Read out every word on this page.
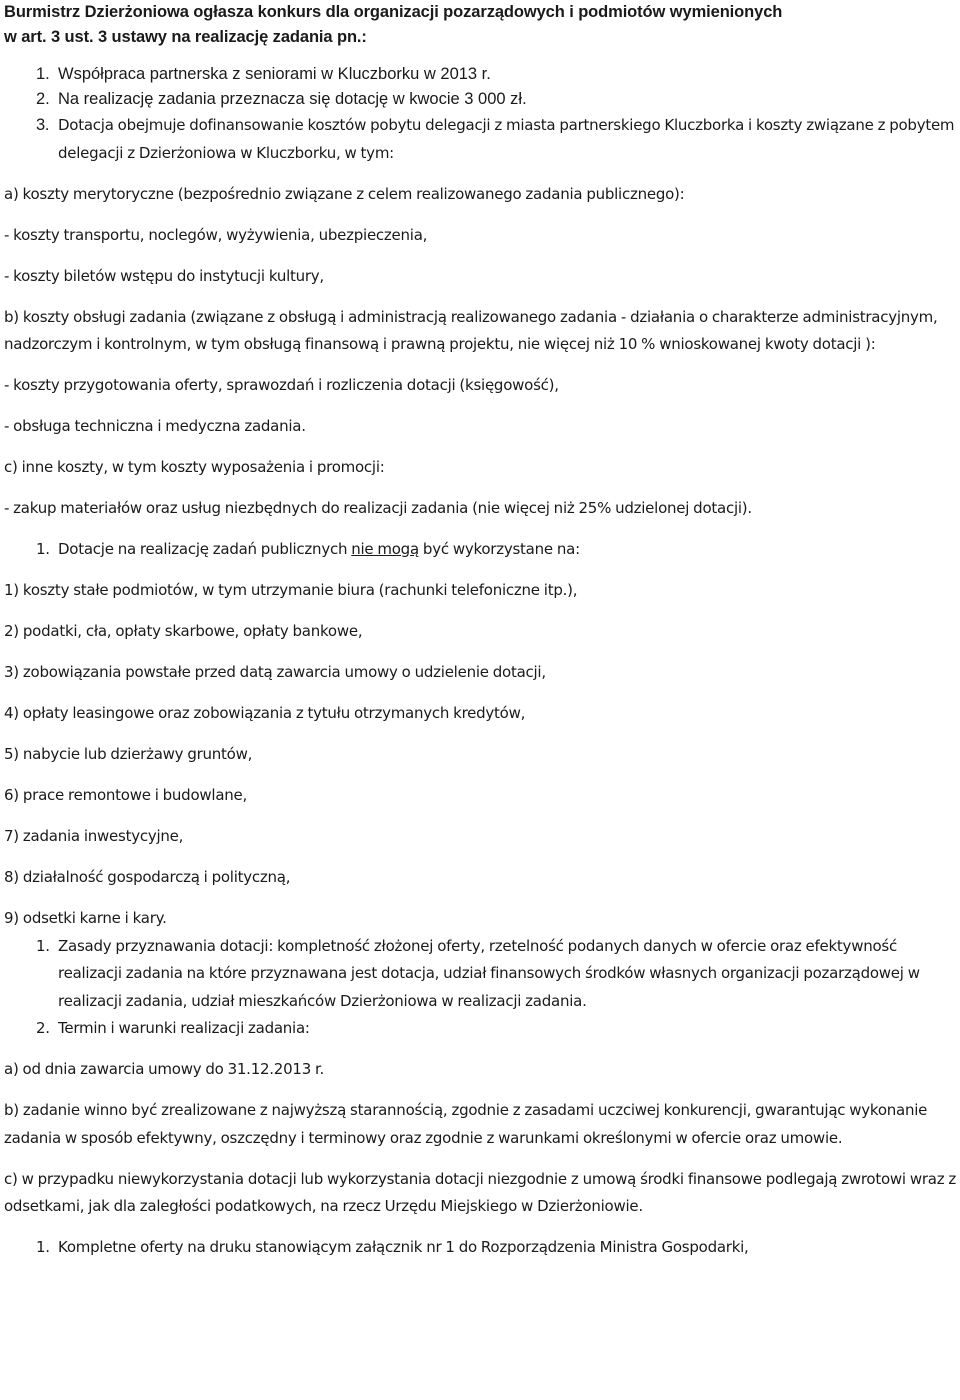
Burmistrz Dzierżoniowa ogłasza konkurs dla organizacji pozarządowych i podmiotów wymienionych
w art. 3 ust. 3 ustawy na realizację zadania pn.:

1. Współpraca partnerska z seniorami w Kluczborku w 2013 r.
2. Na realizację zadania przeznacza się dotację w kwocie 3 000 zł.
3. Dotacja obejmuje dofinansowanie kosztów pobytu delegacji z miasta partnerskiego Kluczborka i koszty związane z pobytem delegacji z Dzierżoniowa w Kluczborku, w tym:

a) koszty merytoryczne (bezpośrednio związane z celem realizowanego zadania publicznego):

- koszty transportu, noclegów, wyżywienia, ubezpieczenia,

- koszty biletów wstępu do instytucji kultury,

b) koszty obsługi zadania (związane z obsługą i administracją realizowanego zadania - działania o charakterze administracyjnym, nadzorczym i kontrolnym, w tym obsługą finansową i prawną projektu, nie więcej niż 10 % wnioskowanej kwoty dotacji ):

- koszty przygotowania oferty, sprawozdań i rozliczenia dotacji (księgowość),

- obsługa techniczna i medyczna zadania.

c) inne koszty, w tym koszty wyposażenia i promocji:

- zakup materiałów oraz usług niezbędnych do realizacji zadania (nie więcej niż 25% udzielonej dotacji).

1. Dotacje na realizację zadań publicznych nie mogą być wykorzystane na:

1) koszty stałe podmiotów, w tym utrzymanie biura (rachunki telefoniczne itp.),

2) podatki, cła, opłaty skarbowe, opłaty bankowe,

3) zobowiązania powstałe przed datą zawarcia umowy o udzielenie dotacji,

4) opłaty leasingowe oraz zobowiązania z tytułu otrzymanych kredytów,

5) nabycie lub dzierżawy gruntów,

6) prace remontowe i budowlane,

7) zadania inwestycyjne,

8) działalność gospodarczą i polityczną,

9) odsetki karne i kary.

1. Zasady przyznawania dotacji: kompletność złożonej oferty, rzetelność podanych danych w ofercie oraz efektywność realizacji zadania na które przyznawana jest dotacja, udział finansowych środków własnych organizacji pozarządowej w realizacji zadania, udział mieszkańców Dzierżoniowa w realizacji zadania.
2. Termin i warunki realizacji zadania:

a) od dnia zawarcia umowy do 31.12.2013 r.

b) zadanie winno być zrealizowane z najwyższą starannością, zgodnie z zasadami uczciwej konkurencji, gwarantując wykonanie zadania w sposób efektywny, oszczędny i terminowy oraz zgodnie z warunkami określonymi w ofercie oraz umowie.

c) w przypadku niewykorzystania dotacji lub wykorzystania dotacji niezgodnie z umową środki finansowe podlegają zwrotowi wraz z odsetkami, jak dla zaległości podatkowych, na rzecz Urzędu Miejskiego w Dzierżoniowie.

1. Kompletne oferty na druku stanowiącym załącznik nr 1 do Rozporządzenia Ministra Gospodarki,
